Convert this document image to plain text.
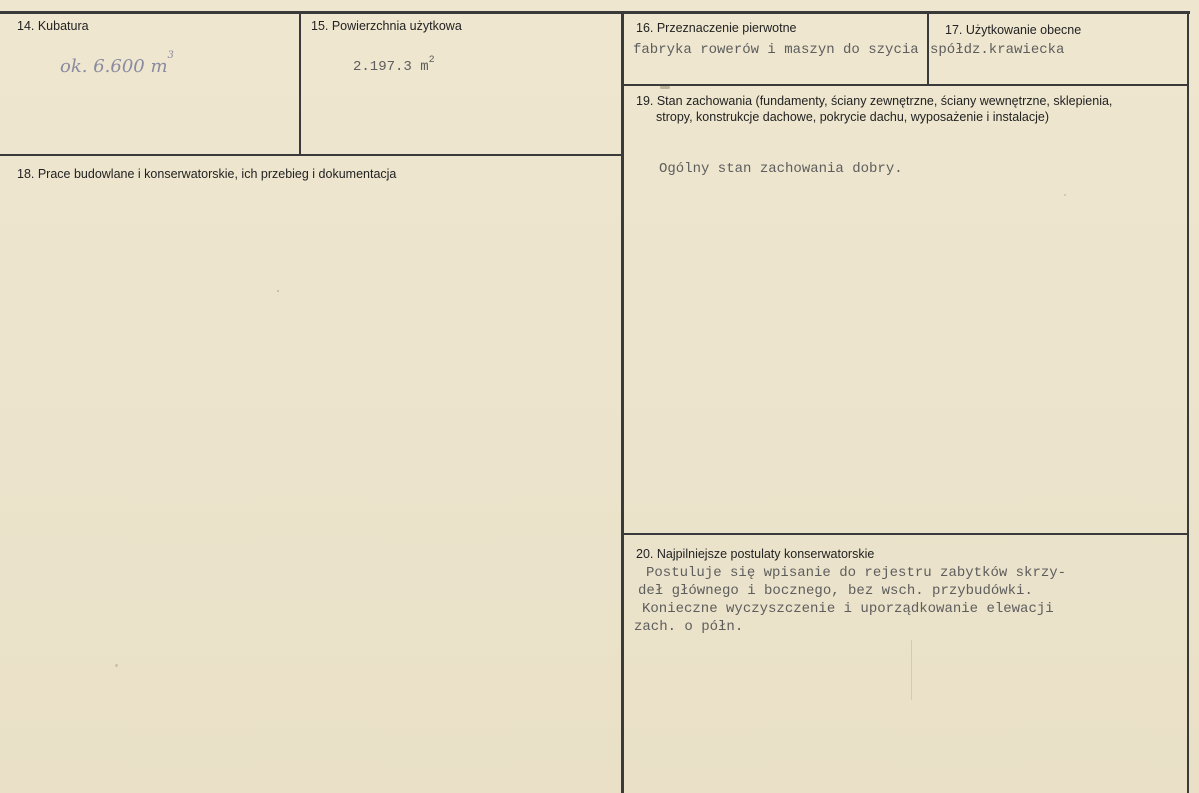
14. Kubatura
ok. 6.600 $m^3$
15. Powierzchnia użytkowa
2.197.3 $m^2$
16. Przeznaczenie pierwotne
fabryka rowerów i maszyn do szycia
17. Użytkowanie obecne
spółdz.krawiecka
18. Prace budowlane i konserwatorskie, ich przebieg i dokumentacja
19. Stan zachowania (fundamenty, ściany zewnętrzne, ściany wewnętrzne, sklepienia,
stropy, konstrukcje dachowe, pokrycie dachu, wyposażenie i instalacje)
Ogólny stan zachowania dobry.
20. Najpilniejsze postulaty konserwatorskie
Postuluje się wpisanie do rejestru zabytków skrzy-
deł głównego i bocznego, bez wsch. przybudówki.
Konieczne wyczyszczenie i uporządkowanie elewacji
zach. o półn.
